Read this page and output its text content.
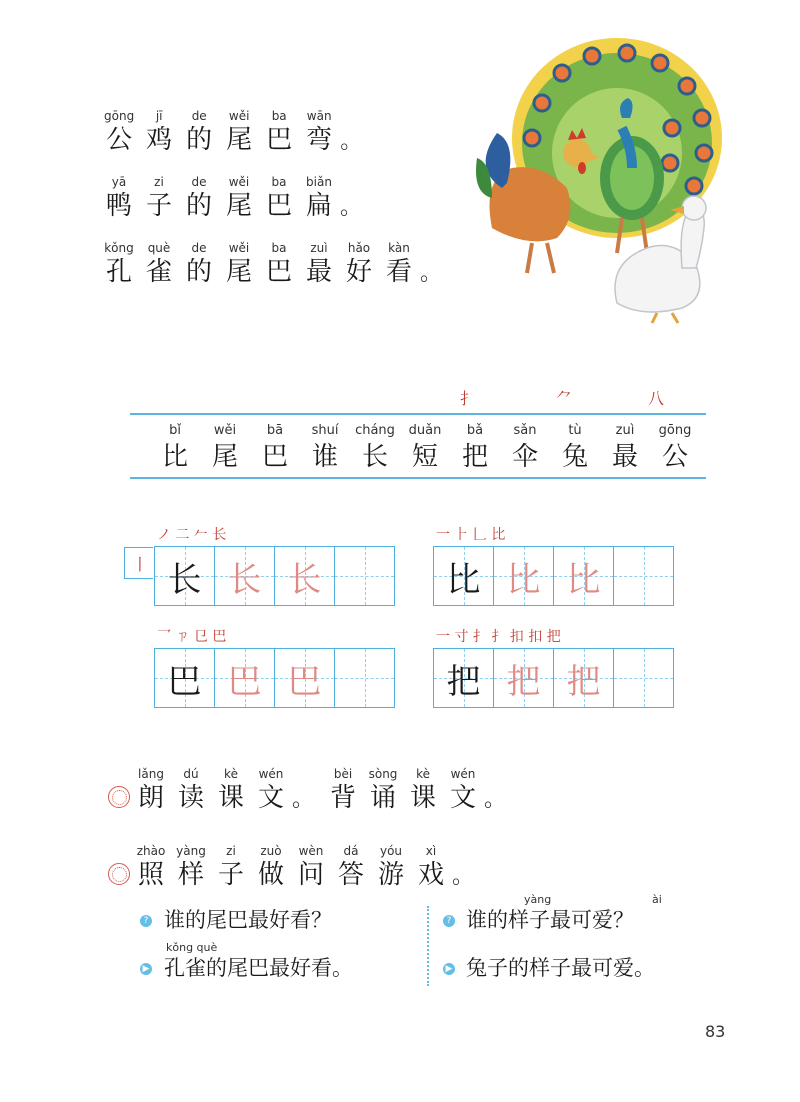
gōng
公
jī
鸡
de
的
wěi
尾
ba
巴
wān
弯 。
yā
鸭
zi
子
de
的
wěi
尾
ba
巴
biǎn
扁 。
kǒng
孔
què
雀
de
的
wěi
尾
ba
巴
zuì
最
hǎo
好
kàn
看 。
扌	⺈	八
bǐ
比
wěi
尾
bā
巴
shuí
谁
cháng
长
duǎn
短
bǎ
把
sǎn
伞
tù
兔
zuì
最
gōng
公
丨
ノ 二 𠂉 长
长 长 长
一 ⺊ 𠃊 比
比 比 比
乛 ㄗ 㔾 巴
巴 巴 巴
一 寸 扌 扌 扣 扣 把
把 把 把
lǎng
朗
dú
读
kè
课
wén
文 。
bèi
背
sòng
诵
kè
课
wén
文 。
zhào
照
yàng
样
zi
子
zuò
做
wèn
问
dá
答
yóu
游
xì
戏 。
? 谁的尾巴最好看？
kǒng què
▶ 孔雀的尾巴最好看。
?
yàng	ài
谁的样子最可爱？
▶ 兔子的样子最可爱。
83
